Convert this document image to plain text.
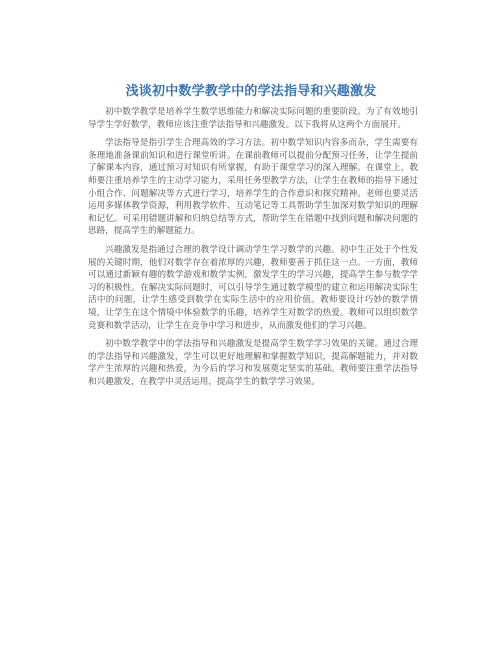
浅谈初中数学教学中的学法指导和兴趣激发

初中数学教学是培养学生数学思维能力和解决实际问题的重要阶段。为了有效地引导学生学好数学，教师应该注重学法指导和兴趣激发。以下我将从这两个方面展开。

学法指导是指引学生合理高效的学习方法。初中数学知识内容多而杂，学生需要有条理地准备课前知识和进行课堂听讲。在课前教师可以提前分配预习任务，让学生提前了解课本内容，通过预习对知识有所掌握，有助于课堂学习的深入理解。在课堂上，教师要注重培养学生的主动学习能力，采用任务型教学方法，让学生在教师的指导下通过小组合作、问题解决等方式进行学习，培养学生的合作意识和探究精神。老师也要灵活运用多媒体教学资源，利用教学软件、互动笔记等工具帮助学生加深对数学知识的理解和记忆。可采用错题讲解和归纳总结等方式，帮助学生在错题中找到问题和解决问题的思路，提高学生的解题能力。

兴趣激发是指通过合理的教学设计调动学生学习数学的兴趣。初中生正处于个性发展的关键时期，他们对数学存在着浓厚的兴趣，教师要善于抓住这一点。一方面，教师可以通过新颖有趣的数学游戏和数学实例，激发学生的学习兴趣，提高学生参与数学学习的积极性。在解决实际问题时，可以引导学生通过数学模型的建立和运用解决实际生活中的问题，让学生感受到数学在实际生活中的应用价值。教师要设计巧妙的数学情境，让学生在这个情境中体验数学的乐趣，培养学生对数学的热爱。教师可以组织数学竞赛和数学活动，让学生在竞争中学习和进步，从而激发他们的学习兴趣。

初中数学教学中的学法指导和兴趣激发是提高学生数学学习效果的关键。通过合理的学法指导和兴趣激发，学生可以更好地理解和掌握数学知识，提高解题能力，并对数学产生浓厚的兴趣和热爱，为今后的学习和发展奠定坚实的基础。教师要注重学法指导和兴趣激发，在教学中灵活运用，提高学生的数学学习效果。
